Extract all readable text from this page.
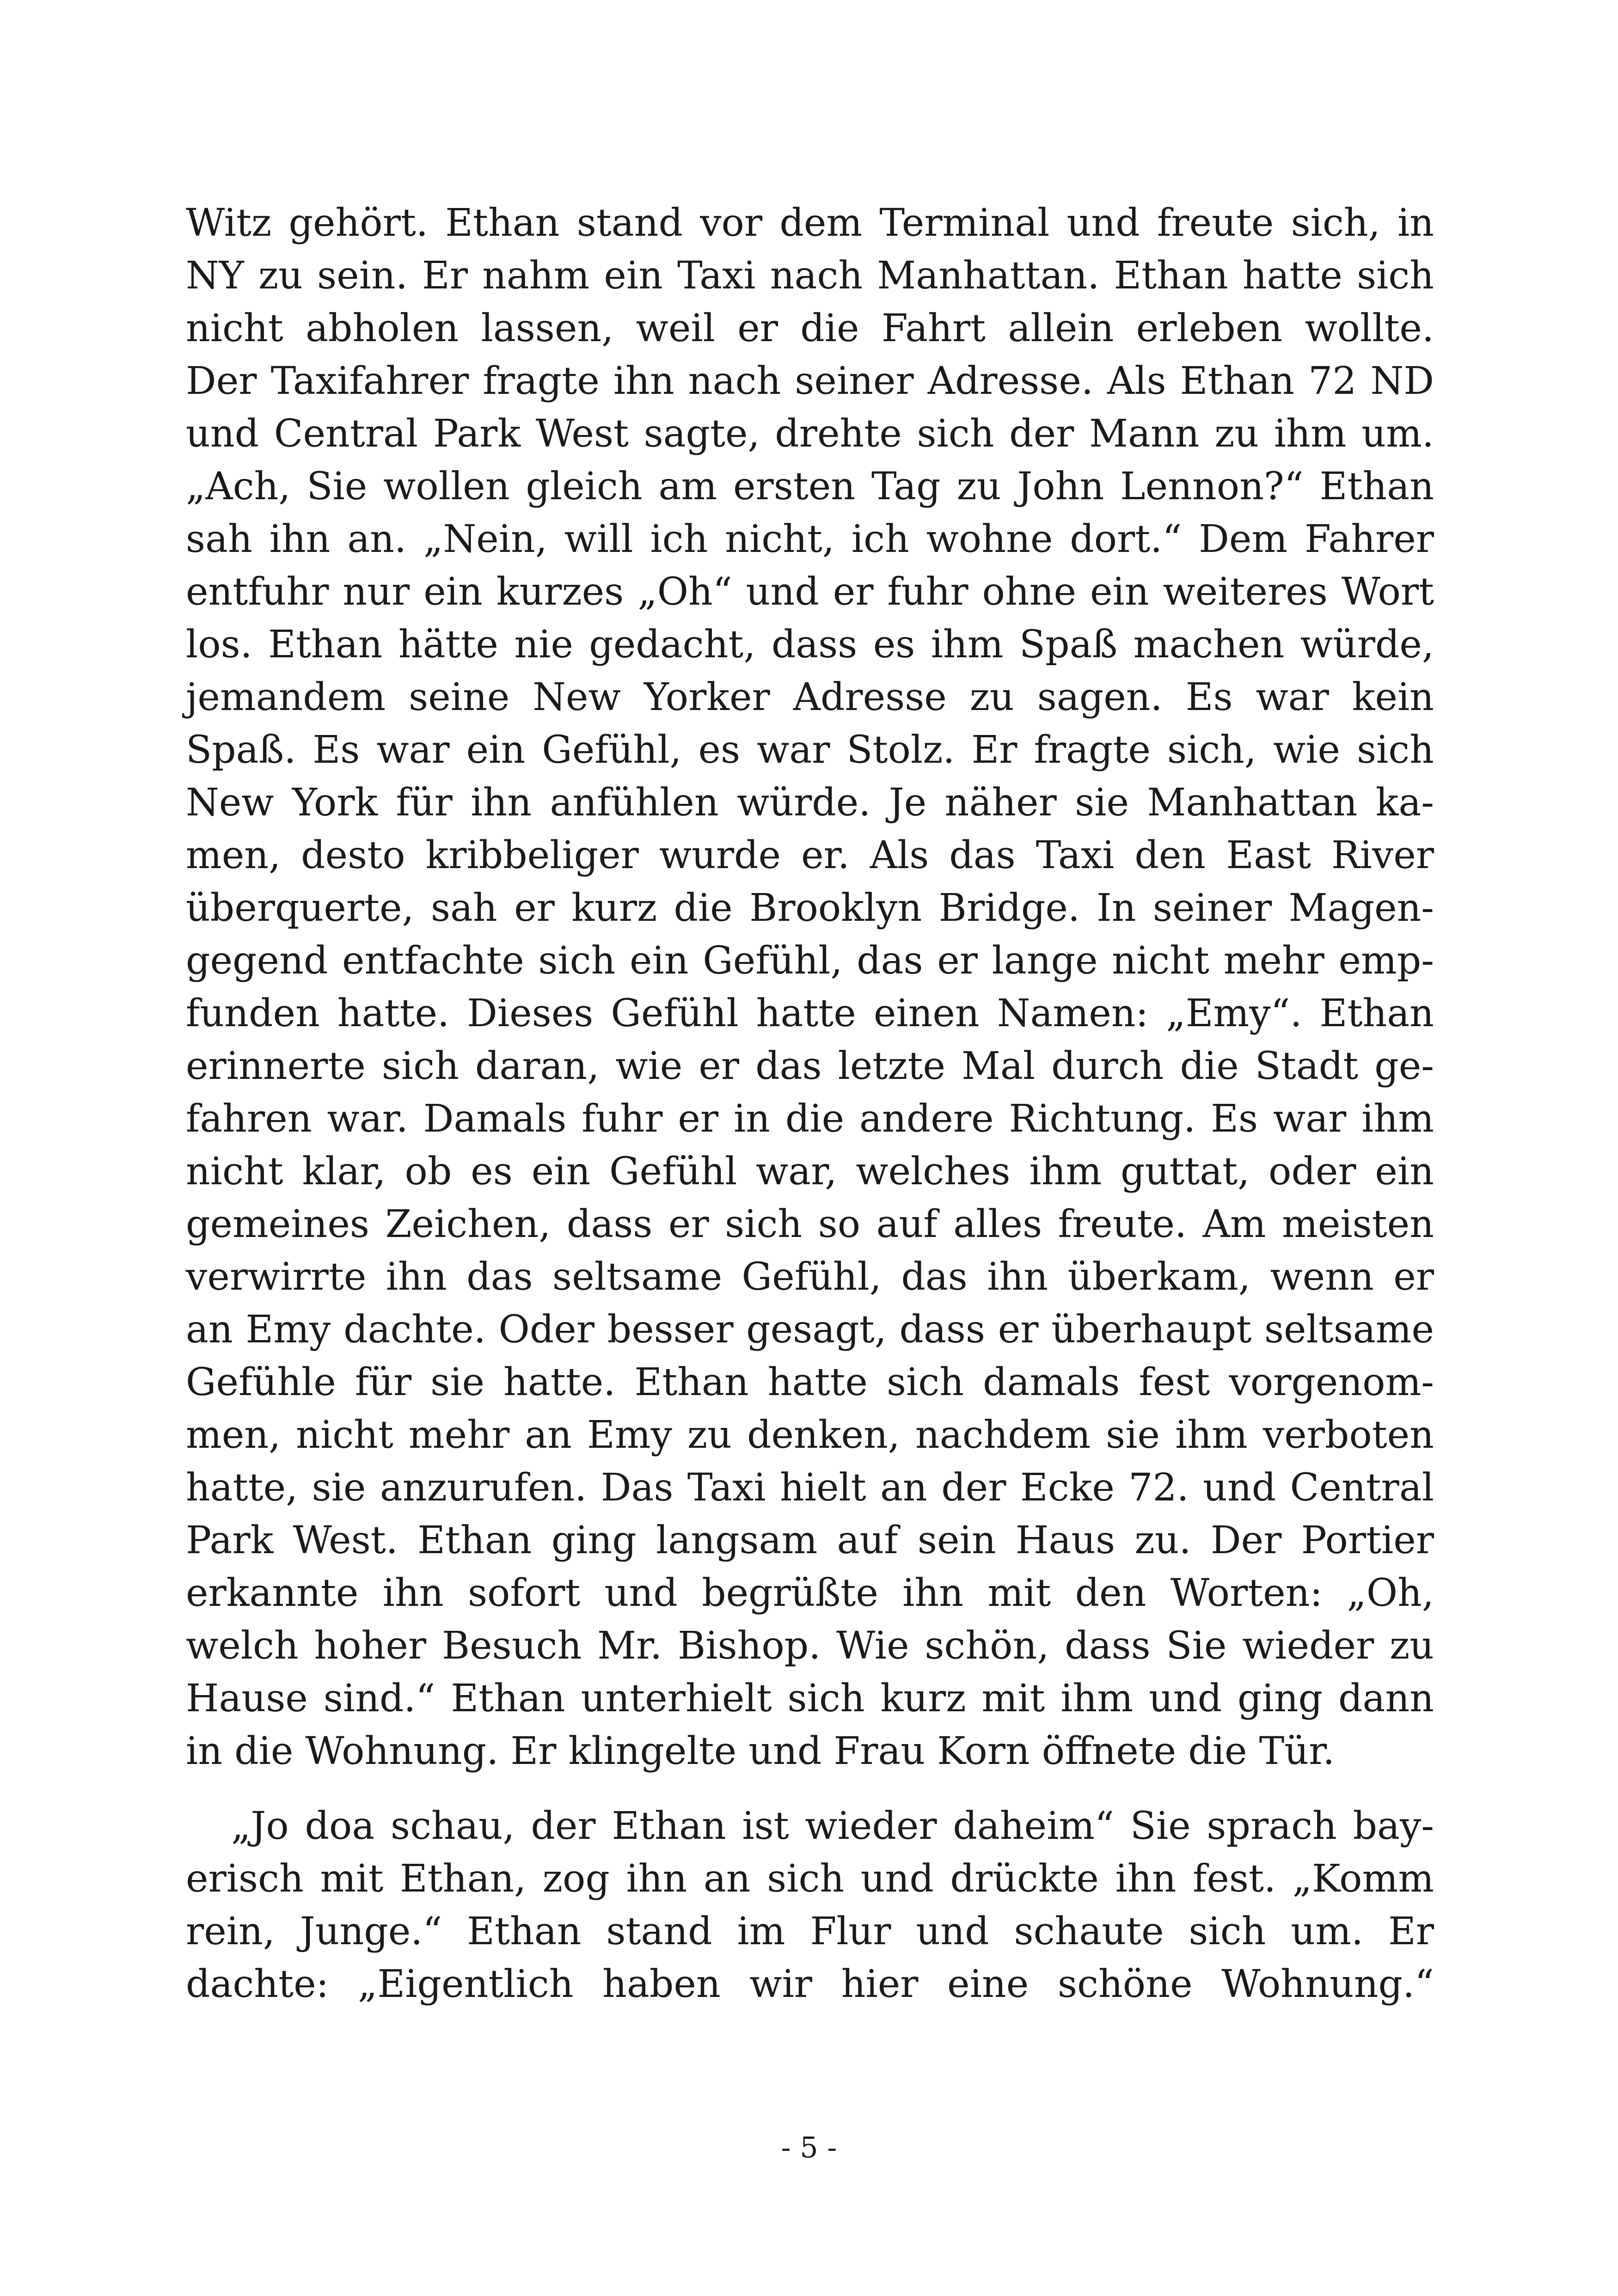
Witz gehört. Ethan stand vor dem Terminal und freute sich, in
NY zu sein. Er nahm ein Taxi nach Manhattan. Ethan hatte sich
nicht abholen lassen, weil er die Fahrt allein erleben wollte.
Der Taxifahrer fragte ihn nach seiner Adresse. Als Ethan 72 ND
und Central Park West sagte, drehte sich der Mann zu ihm um.
„Ach, Sie wollen gleich am ersten Tag zu John Lennon?“ Ethan
sah ihn an. „Nein, will ich nicht, ich wohne dort.“ Dem Fahrer
entfuhr nur ein kurzes „Oh“ und er fuhr ohne ein weiteres Wort
los. Ethan hätte nie gedacht, dass es ihm Spaß machen würde,
jemandem seine New Yorker Adresse zu sagen. Es war kein
Spaß. Es war ein Gefühl, es war Stolz. Er fragte sich, wie sich
New York für ihn anfühlen würde. Je näher sie Manhattan ka-
men, desto kribbeliger wurde er. Als das Taxi den East River
überquerte, sah er kurz die Brooklyn Bridge. In seiner Magen-
gegend entfachte sich ein Gefühl, das er lange nicht mehr emp-
funden hatte. Dieses Gefühl hatte einen Namen: „Emy“. Ethan
erinnerte sich daran, wie er das letzte Mal durch die Stadt ge-
fahren war. Damals fuhr er in die andere Richtung. Es war ihm
nicht klar, ob es ein Gefühl war, welches ihm guttat, oder ein
gemeines Zeichen, dass er sich so auf alles freute. Am meisten
verwirrte ihn das seltsame Gefühl, das ihn überkam, wenn er
an Emy dachte. Oder besser gesagt, dass er überhaupt seltsame
Gefühle für sie hatte. Ethan hatte sich damals fest vorgenom-
men, nicht mehr an Emy zu denken, nachdem sie ihm verboten
hatte, sie anzurufen. Das Taxi hielt an der Ecke 72. und Central
Park West. Ethan ging langsam auf sein Haus zu. Der Portier
erkannte ihn sofort und begrüßte ihn mit den Worten: „Oh,
welch hoher Besuch Mr. Bishop. Wie schön, dass Sie wieder zu
Hause sind.“ Ethan unterhielt sich kurz mit ihm und ging dann
in die Wohnung. Er klingelte und Frau Korn öffnete die Tür.
„Jo doa schau, der Ethan ist wieder daheim“ Sie sprach bay-
erisch mit Ethan, zog ihn an sich und drückte ihn fest. „Komm
rein, Junge.“ Ethan stand im Flur und schaute sich um. Er
dachte: „Eigentlich haben wir hier eine schöne Wohnung.“
- 5 -
